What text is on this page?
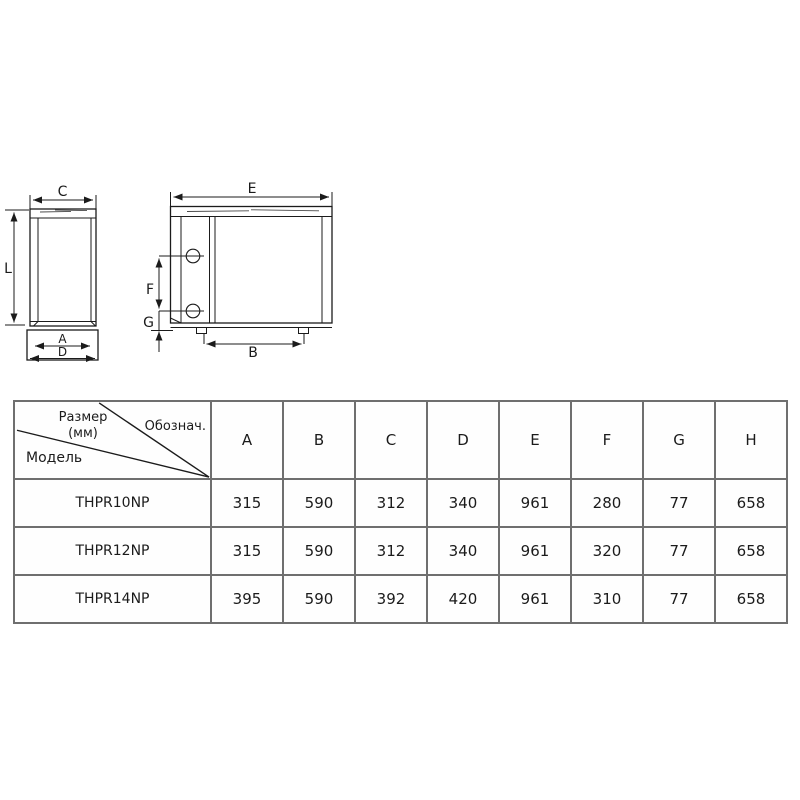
C
L
A
D
E
F
G
B
Размер
(мм) Обознач.
Модель	A	B	C	D	E	F	G	H
THPR10NP	315	590	312	340	961	280	77	658
THPR12NP	315	590	312	340	961	320	77	658
THPR14NP	395	590	392	420	961	310	77	658
